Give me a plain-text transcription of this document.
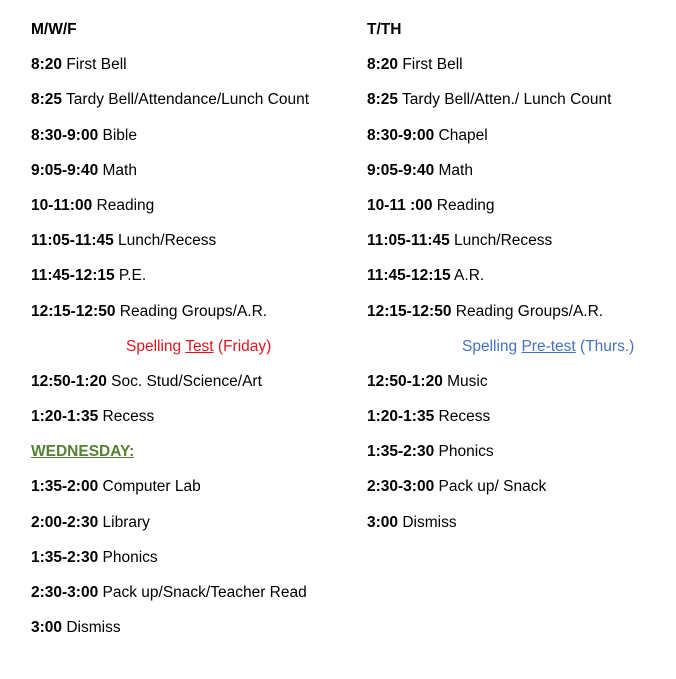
M/W/F
8:20 First Bell
8:25 Tardy Bell/Attendance/Lunch Count
8:30-9:00 Bible
9:05-9:40 Math
10-11:00 Reading
11:05-11:45 Lunch/Recess
11:45-12:15 P.E.
12:15-12:50 Reading Groups/A.R.
Spelling Test (Friday)
12:50-1:20 Soc. Stud/Science/Art
1:20-1:35 Recess
WEDNESDAY:
1:35-2:00 Computer Lab
2:00-2:30 Library
1:35-2:30 Phonics
2:30-3:00 Pack up/Snack/Teacher Read
3:00 Dismiss
T/TH
8:20 First Bell
8:25 Tardy Bell/Atten./ Lunch Count
8:30-9:00 Chapel
9:05-9:40 Math
10-11 :00 Reading
11:05-11:45 Lunch/Recess
11:45-12:15 A.R.
12:15-12:50 Reading Groups/A.R.
Spelling Pre-test (Thurs.)
12:50-1:20 Music
1:20-1:35 Recess
1:35-2:30 Phonics
2:30-3:00 Pack up/ Snack
3:00 Dismiss
